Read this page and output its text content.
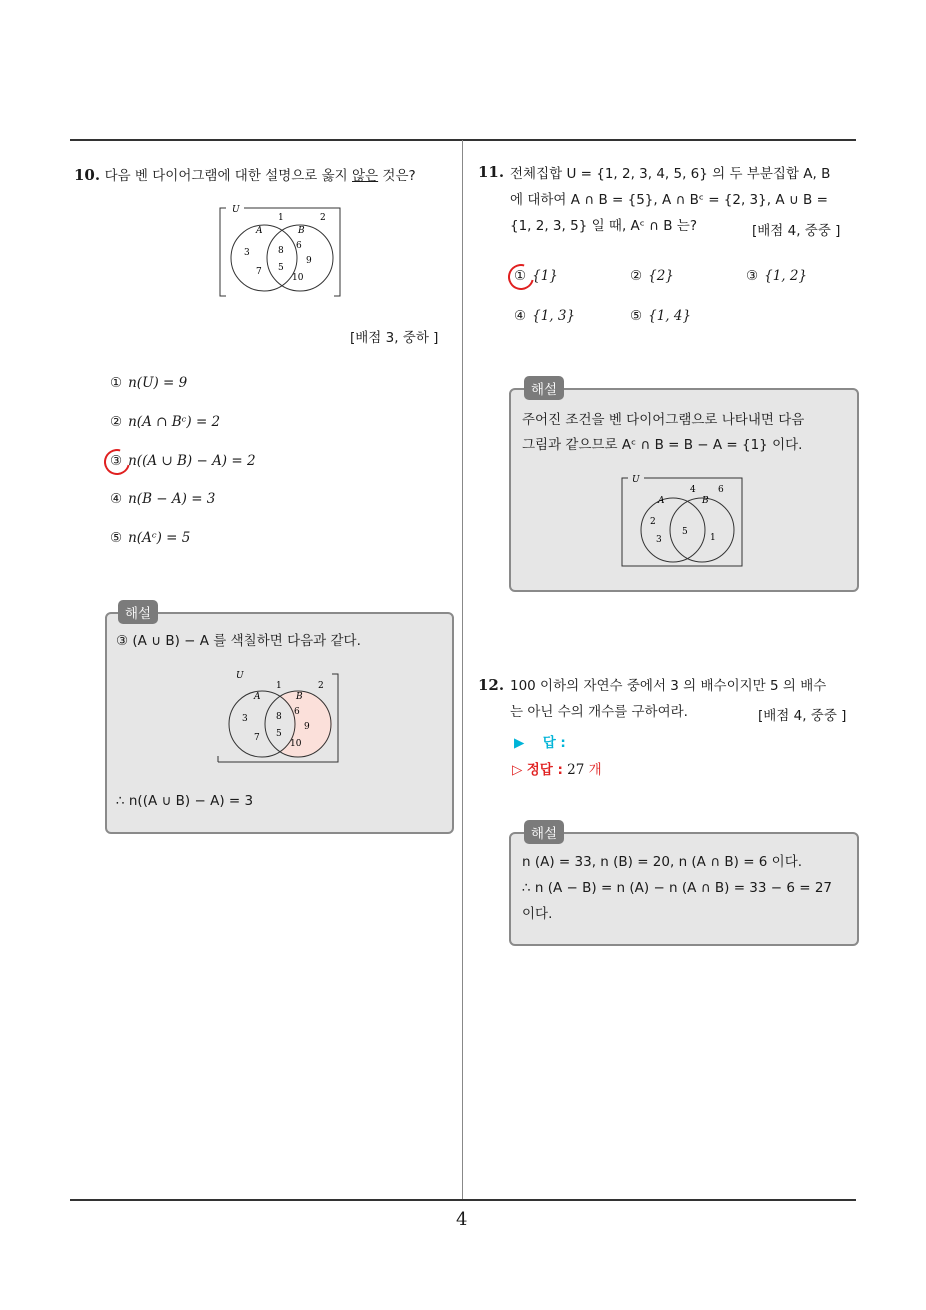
4
10. 다음 벤 다이어그램에 대한 설명으로 옳지 않은 것은?
U
A	B
1	2
3
7
8
5
6
9
10
[배점 3, 중하 ]
① n(U) = 9
② n(A ∩ Bᶜ) = 2
③ n((A ∪ B) − A) = 2
④ n(B − A) = 3
⑤ n(Aᶜ) = 5
해설
③ (A ∪ B) − A 를 색칠하면 다음과 같다.
U
A	B
1	2
3
7
8
5
6
9
10
∴ n((A ∪ B) − A) = 3
11. 전체집합 U = {1, 2, 3, 4, 5, 6} 의 두 부분집합 A, B
에 대하여 A ∩ B = {5}, A ∩ Bᶜ = {2, 3}, A ∪ B =
{1, 2, 3, 5} 일 때, Aᶜ ∩ B 는?	[배점 4, 중중 ]
① {1}	② {2}	③ {1, 2}
④ {1, 3}	⑤ {1, 4}
해설
주어진 조건을 벤 다이어그램으로 나타내면 다음
그림과 같으므로 Aᶜ ∩ B = B − A = {1} 이다.
U
A	B
4 6
2
3
5
1
12. 100 이하의 자연수 중에서 3 의 배수이지만 5 의 배수
는 아닌 수의 개수를 구하여라.	[배점 4, 중중 ]
▶ 답 :
▷ 정답 : 27 개
해설
n (A) = 33, n (B) = 20, n (A ∩ B) = 6 이다.
∴ n (A − B) = n (A) − n (A ∩ B) = 33 − 6 = 27
이다.
